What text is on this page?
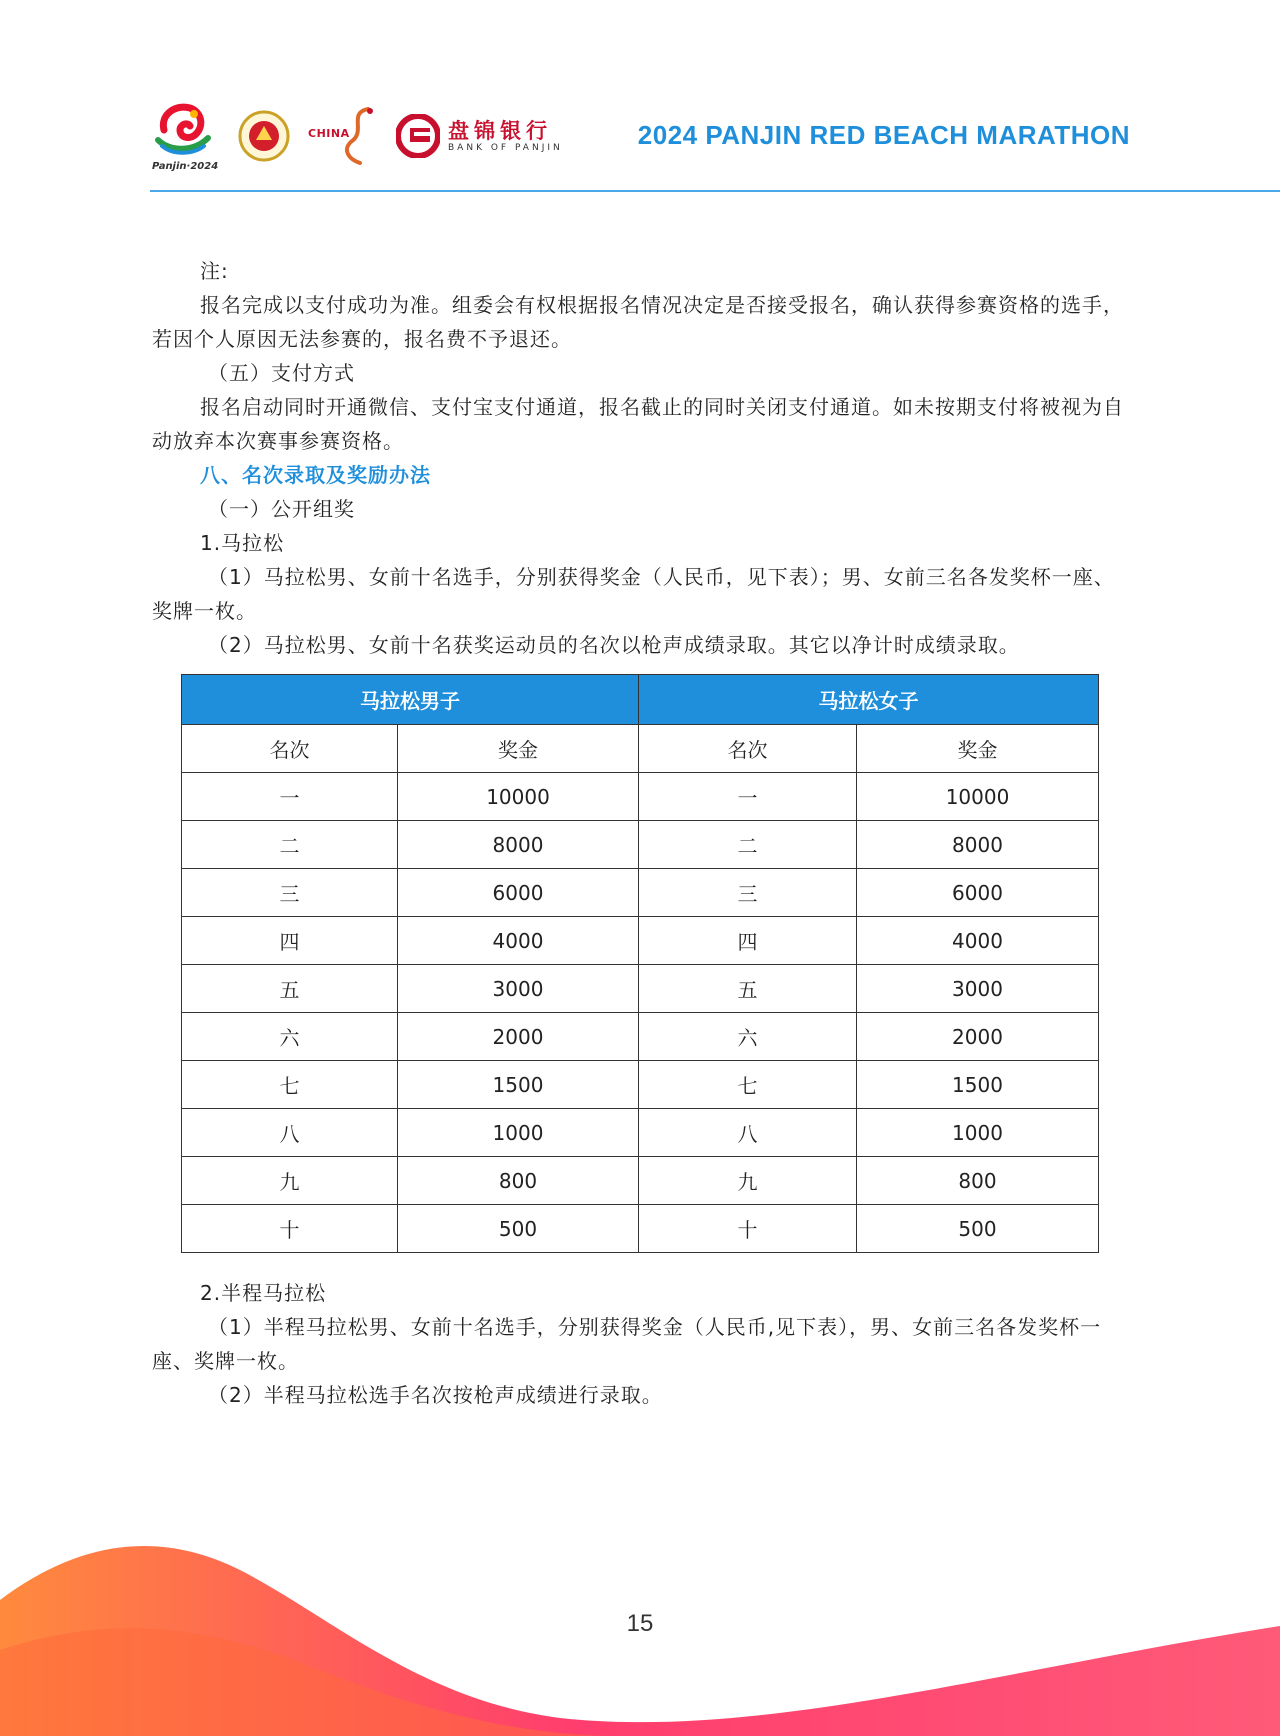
Panjin·2024
CHINA	盘锦银行
BANK OF PANJIN	2024 PANJIN RED BEACH MARATHON

注:

报名完成以支付成功为准。组委会有权根据报名情况决定是否接受报名，确认获得参赛资格的选手，若因个人原因无法参赛的，报名费不予退还。

（五）支付方式

报名启动同时开通微信、支付宝支付通道，报名截止的同时关闭支付通道。如未按期支付将被视为自动放弃本次赛事参赛资格。

八、名次录取及奖励办法

（一）公开组奖

1.马拉松

（1）马拉松男、女前十名选手，分别获得奖金（人民币，见下表）；男、女前三名各发奖杯一座、奖牌一枚。

（2）马拉松男、女前十名获奖运动员的名次以枪声成绩录取。其它以净计时成绩录取。

马拉松男子		马拉松女子	
名次	奖金	名次	奖金
一	10000	一	10000
二	8000	二	8000
三	6000	三	6000
四	4000	四	4000
五	3000	五	3000
六	2000	六	2000
七	1500	七	1500
八	1000	八	1000
九	800	九	800
十	500	十	500

2.半程马拉松

（1）半程马拉松男、女前十名选手，分别获得奖金（人民币,见下表），男、女前三名各发奖杯一座、奖牌一枚。

（2）半程马拉松选手名次按枪声成绩进行录取。

15
